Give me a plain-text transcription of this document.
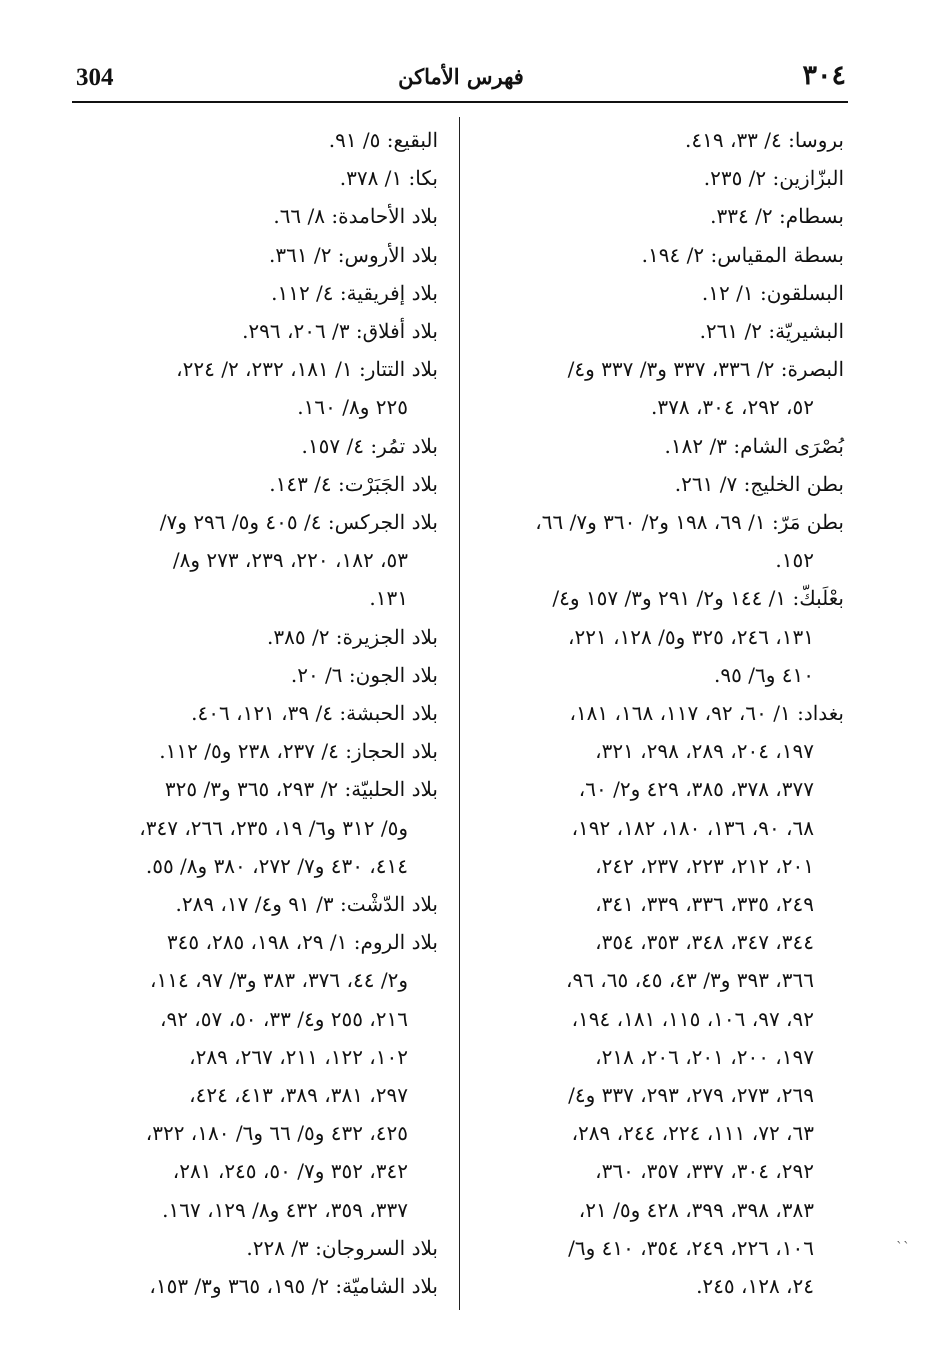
304	فهرس الأماكن	٣٠٤
بروسا: ٤/ ٣٣، ٤١٩.
البزّازين: ٢/ ٢٣٥.
بسطام: ٢/ ٣٣٤.
بسطة المقياس: ٢/ ١٩٤.
البسلقون: ١/ ١٢.
البشيريّة: ٢/ ٢٦١.
البصرة: ٢/ ٣٣٦، ٣٣٧ و٣/ ٣٣٧ و٤/
٥٢، ٢٩٢، ٣٠٤، ٣٧٨.
بُصْرَى الشام: ٣/ ١٨٢.
بطن الخليج: ٧/ ٢٦١.
بطن مَرّ: ١/ ٦٩، ١٩٨ و٢/ ٣٦٠ و٧/ ٦٦،
١٥٢.
بعْلَبكّ: ١/ ١٤٤ و٢/ ٢٩١ و٣/ ١٥٧ و٤/
١٣١، ٢٤٦، ٣٢٥ و٥/ ١٢٨، ٢٢١،
٤١٠ و٦/ ٩٥.
بغداد: ١/ ٦٠، ٩٢، ١١٧، ١٦٨، ١٨١،
١٩٧، ٢٠٤، ٢٨٩، ٢٩٨، ٣٢١،
٣٧٧، ٣٧٨، ٣٨٥، ٤٢٩ و٢/ ٦٠،
٦٨، ٩٠، ١٣٦، ١٨٠، ١٨٢، ١٩٢،
٢٠١، ٢١٢، ٢٢٣، ٢٣٧، ٢٤٢،
٢٤٩، ٣٣٥، ٣٣٦، ٣٣٩، ٣٤١،
٣٤٤، ٣٤٧، ٣٤٨، ٣٥٣، ٣٥٤،
٣٦٦، ٣٩٣ و٣/ ٤٣، ٤٥، ٦٥، ٩٦،
٩٢، ٩٧، ١٠٦، ١١٥، ١٨١، ١٩٤،
١٩٧، ٢٠٠، ٢٠١، ٢٠٦، ٢١٨،
٢٦٩، ٢٧٣، ٢٧٩، ٢٩٣، ٣٣٧ و٤/
٦٣، ٧٢، ١١١، ٢٢٤، ٢٤٤، ٢٨٩،
٢٩٢، ٣٠٤، ٣٣٧، ٣٥٧، ٣٦٠،
٣٨٣، ٣٩٨، ٣٩٩، ٤٢٨ و٥/ ٢١،
١٠٦، ٢٢٦، ٢٤٩، ٣٥٤، ٤١٠ و٦/
٢٤، ١٢٨، ٢٤٥.
البقيع: ٥/ ٩١.
بكا: ١/ ٣٧٨.
بلاد الأحامدة: ٨/ ٦٦.
بلاد الأروس: ٢/ ٣٦١.
بلاد إفريقية: ٤/ ١١٢.
بلاد أفلاق: ٣/ ٢٠٦، ٢٩٦.
بلاد التتار: ١/ ١٨١، ٢٣٢، ٢/ ٢٢٤،
٢٢٥ و٨/ ١٦٠.
بلاد تمُر: ٤/ ١٥٧.
بلاد الجَبَرْت: ٤/ ١٤٣.
بلاد الجركس: ٤/ ٤٠٥ و٥/ ٢٩٦ و٧/
٥٣، ١٨٢، ٢٢٠، ٢٣٩، ٢٧٣ و٨/
١٣١.
بلاد الجزيرة: ٢/ ٣٨٥.
بلاد الجون: ٦/ ٢٠.
بلاد الحبشة: ٤/ ٣٩، ١٢١، ٤٠٦.
بلاد الحجاز: ٤/ ٢٣٧، ٢٣٨ و٥/ ١١٢.
بلاد الحلبيّة: ٢/ ٢٩٣، ٣٦٥ و٣/ ٣٢٥
و٥/ ٣١٢ و٦/ ١٩، ٢٣٥، ٢٦٦، ٣٤٧،
٤١٤، ٤٣٠ و٧/ ٢٧٢، ٣٨٠ و٨/ ٥٥.
بلاد الدّشْت: ٣/ ٩١ و٤/ ١٧، ٢٨٩.
بلاد الروم: ١/ ٢٩، ١٩٨، ٢٨٥، ٣٤٥
و٢/ ٤٤، ٣٧٦، ٣٨٣ و٣/ ٩٧، ١١٤،
٢١٦، ٢٥٥ و٤/ ٣٣، ٥٠، ٥٧، ٩٢،
١٠٢، ١٢٢، ٢١١، ٢٦٧، ٢٨٩،
٢٩٧، ٣٨١، ٣٨٩، ٤١٣، ٤٢٤،
٤٢٥، ٤٣٢ و٥/ ٦٦ و٦/ ١٨٠، ٣٢٢،
٣٤٢، ٣٥٢ و٧/ ٥٠، ٢٤٥، ٢٨١،
٣٣٧، ٣٥٩، ٤٣٢ و٨/ ١٢٩، ١٦٧.
بلاد السروجان: ٣/ ٢٢٨.
بلاد الشاميّة: ٢/ ١٩٥، ٣٦٥ و٣/ ١٥٣،
``
